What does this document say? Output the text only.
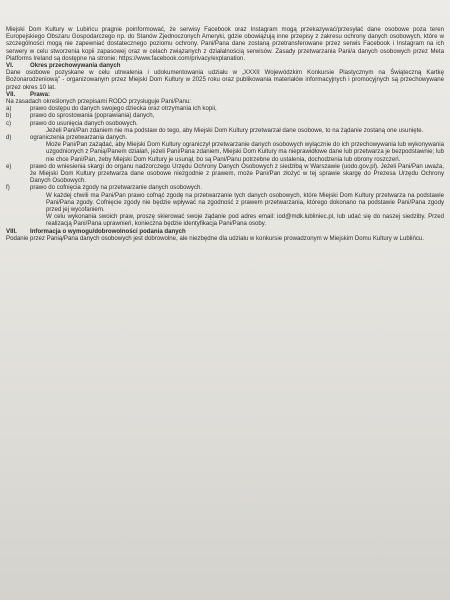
Miejski Dom Kultury w Lubińcu pragnie poinformować, że serwisy Facebook oraz Instagram mogą przekazywać/przesyłać dane osobowe poza teren Europejskiego Obszaru Gospodarczego np. do Stanów Zjednoczonych Ameryki, gdzie obowiązują inne przepisy z zakresu ochrony danych osobowych, które w szczególności mogą nie zapewniać dostatecznego poziomu ochrony. Pani/Pana dane zostaną przetransferowane przez serwis Facebook i Instagram na ich serwery w celu stworzenia kopii zapasowej oraz w celach związanych z działalnością serwisów. Zasady przetwarzania Pani/a danych osobowych przez Meta Platforms Ireland są dostępne na stronie: https://www.facebook.com/privacy/explanation.

VI.	Okres przechowywania danych

Dane osobowe pozyskane w celu utrwalenia i udokumentowania udziału w „XXXII Wojewódzkim Konkursie Plastycznym na Świąteczną Kartkę Bożonarodzeniową" - organizowanym przez Miejski Dom Kultury w 2025 roku oraz publikowania materiałów informacyjnych i promocyjnych są przechowywane przez okres 10 lat.

VII.	Prawa:

Na zasadach określonych przepisami RODO przysługuje Pani/Panu:

a)	prawo dostępu do danych swojego dziecka oraz otrzymania ich kopii,
b)	prawo do sprostowania (poprawiania) danych,
c)	prawo do usunięcia danych osobowych.

Jeżeli Pani/Pan zdaniem nie ma podstaw do tego, aby Miejski Dom Kultury przetwarzał dane osobowe, to na żądanie zostaną one usunięte.

d)	ograniczenia przetwarzania danych.

Może Pani/Pan zażądać, aby Miejski Dom Kultury ograniczył przetwarzanie danych osobowych wyłącznie do ich przechowywania lub wykonywania uzgodnionych z Panią/Panem działań, jeżeli Pani/Pana zdaniem, Miejski Dom Kultury ma nieprawidłowe dane lub przetwarza je bezpodstawnie; lub nie chce Pani/Pan, żeby Miejski Dom Kultury je usunął, bo są Pani/Panu potrzebne do ustalenia, dochodzenia lub obrony roszczeń.

e)	prawo do wniesienia skargi do organu nadzorczego Urzędu Ochrony Danych Osobowych z siedzibą w Warszawie (uodo.gov.pl). Jeżeli Pani/Pan uważa, że Miejski Dom Kultury przetwarza dane osobowe niezgodnie z prawem, może Pani/Pan złożyć w tej sprawie skargę do Prezesa Urzędu Ochrony Danych Osobowych.
f)	prawo do cofnięcia zgody na przetwarzanie danych osobowych.

W każdej chwili ma Pani/Pan prawo cofnąć zgodę na przetwarzanie tych danych osobowych, które Miejski Dom Kultury przetwarza na podstawie Pani/Pana zgody. Cofnięcie zgody nie będzie wpływać na zgodność z prawem przetwarzania, którego dokonano na podstawie Pani/Pana zgody przed jej wycofaniem.

W celu wykonania swoich praw, proszę skierować swoje żądanie pod adres email: iod@mdk.lubliniec.pl, lub udać się do naszej siedziby. Przed realizacją Pani/Pana uprawnień, konieczna będzie identyfikacja Pani/Pana osoby.

VIII.	Informacja o wymogu/dobrowolności podania danych

Podanie przez Panią/Pana danych osobowych jest dobrowolne, ale niezbędne dla udziału w konkursie prowadzonym w Miejskim Domu Kultury w Lublińcu.
